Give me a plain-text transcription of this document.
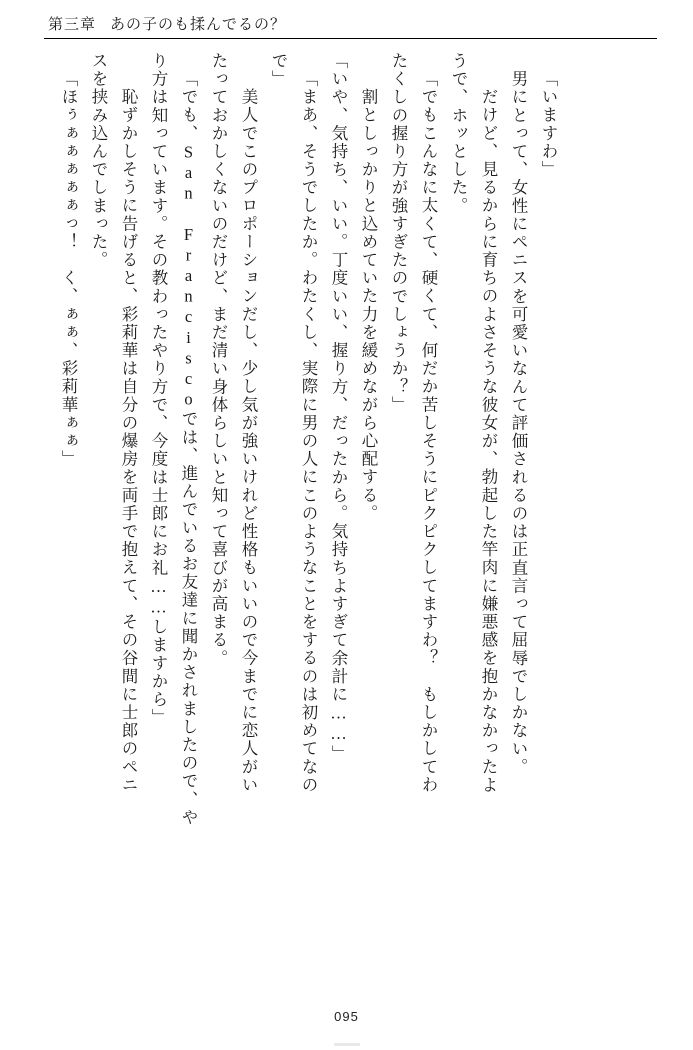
第三章 あの子のも揉んでるの？
「ほぅぁぁぁぁぁっ！　く、ぁぁ、彩莉華ぁぁ」 スを挟み込んでしまった。 　恥ずかしそうに告げると、彩莉華は自分の爆房を両手で抱えて、その谷間に士郎のペニ り方は知っています。その教わったやり方で、今度は士郎にお礼……しますから」 「でも、San Franciscoでは、進んでいるお友達に聞かされましたので、や たっておかしくないのだけど、まだ清い身体らしいと知って喜びが高まる。 　美人でこのプロポーションだし、少し気が強いけれど性格もいいので今までに恋人がい で」 「まあ、そうでしたか。わたくし、実際に男の人にこのようなことをするのは初めてなの 「いや、気持ち、いい。丁度いい、握り方、だったから。気持ちよすぎて余計に……」 　割としっかりと込めていた力を緩めながら心配する。 たくしの握り方が強すぎたのでしょうか？」 「でもこんなに太くて、硬くて、何だか苦しそうにピクピクしてますわ？　もしかしてわ うで、ホッとした。 　だけど、見るからに育ちのよさそうな彼女が、勃起した竿肉に嫌悪感を抱かなかったよ 　男にとって、女性にペニスを可愛いなんて評価されるのは正直言って屈辱でしかない。 「いますわ」
095
